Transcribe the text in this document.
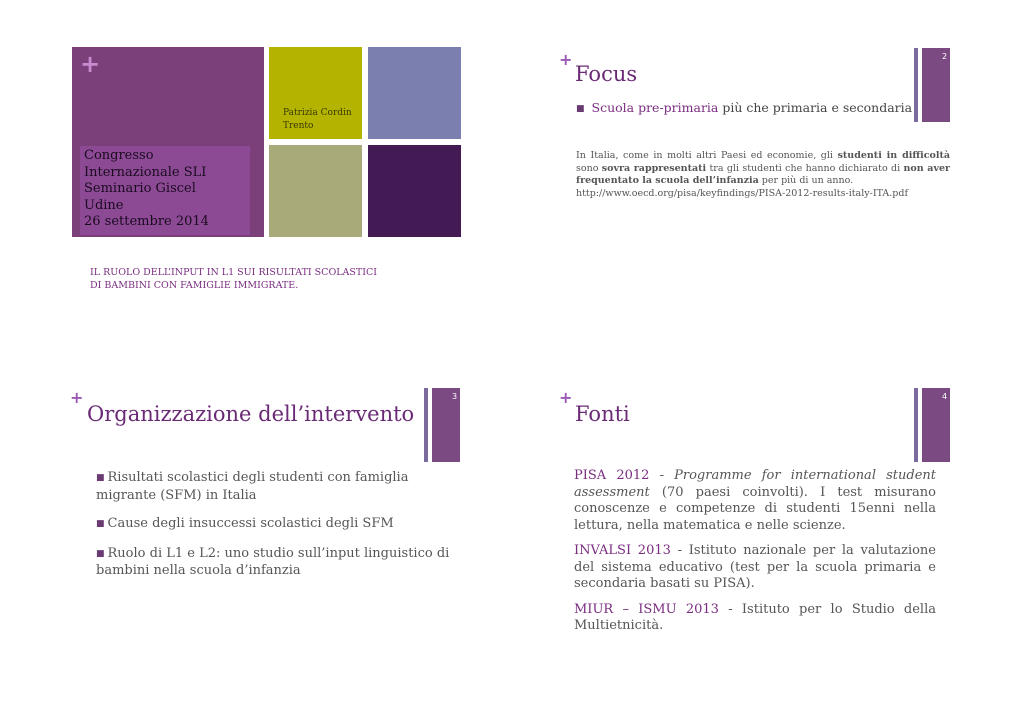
+
Congresso
Internazionale SLI
Seminario Giscel
Udine
26 settembre 2014
Patrizia Cordin
Trento
IL RUOLO DELL’INPUT IN L1 SUI RISULTATI SCOLASTICI
DI BAMBINI CON FAMIGLIE IMMIGRATE.
+
Focus
2
■ Scuola pre-primaria più che primaria e secondaria
In Italia, come in molti altri Paesi ed economie, gli studenti in difficoltà sono sovra rappresentati tra gli studenti che hanno dichiarato di non aver frequentato la scuola dell’infanzia per più di un anno.
http://www.oecd.org/pisa/keyfindings/PISA-2012-results-italy-ITA.pdf
+
Organizzazione dell’intervento
3

■ Risultati scolastici degli studenti con famiglia migrante (SFM) in Italia

■ Cause degli insuccessi scolastici degli SFM

■ Ruolo di L1 e L2: uno studio sull’input linguistico di bambini nella scuola d’infanzia

+
Fonti
4

PISA 2012 - Programme for international student assessment (70 paesi coinvolti). I test misurano conoscenze e competenze di studenti 15enni nella lettura, nella matematica e nelle scienze.

INVALSI 2013 - Istituto nazionale per la valutazione del sistema educativo (test per la scuola primaria e secondaria basati su PISA).

MIUR – ISMU 2013 - Istituto per lo Studio della Multietnicità.
